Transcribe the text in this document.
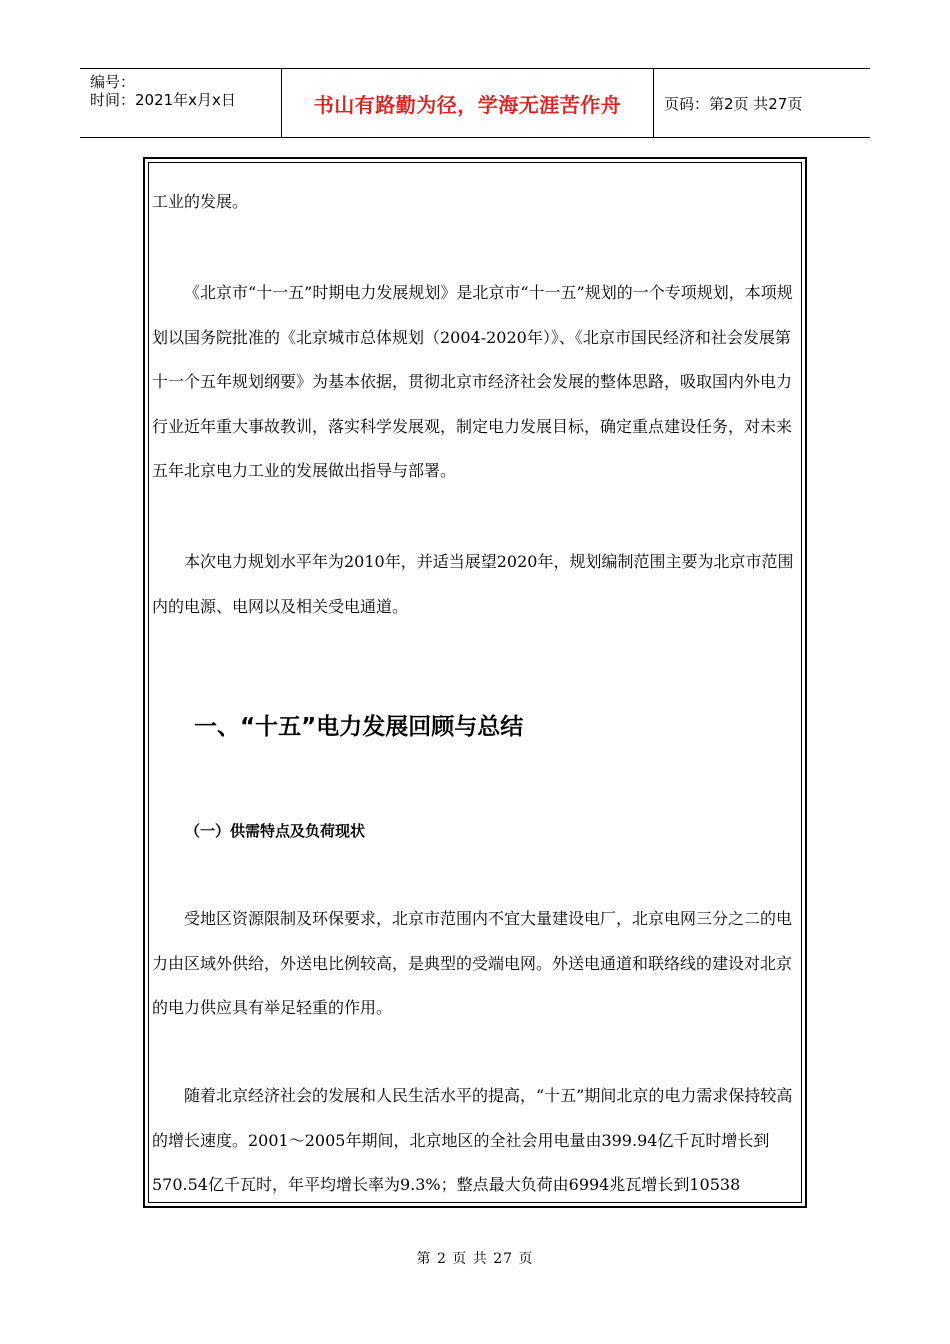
编号：
时间：2021年x月x日	书山有路勤为径，学海无涯苦作舟	页码：第2页 共27页

工业的发展。

《北京市“十一五”时期电力发展规划》是北京市“十一五”规划的一个专项规划，本项规划以国务院批准的《北京城市总体规划（2004-2020年）》、《北京市国民经济和社会发展第十一个五年规划纲要》为基本依据，贯彻北京市经济社会发展的整体思路，吸取国内外电力行业近年重大事故教训，落实科学发展观，制定电力发展目标，确定重点建设任务，对未来五年北京电力工业的发展做出指导与部署。

本次电力规划水平年为2010年，并适当展望2020年，规划编制范围主要为北京市范围内的电源、电网以及相关受电通道。

一、“十五”电力发展回顾与总结
（一）供需特点及负荷现状

受地区资源限制及环保要求，北京市范围内不宜大量建设电厂，北京电网三分之二的电力由区域外供给，外送电比例较高，是典型的受端电网。外送电通道和联络线的建设对北京的电力供应具有举足轻重的作用。

随着北京经济社会的发展和人民生活水平的提高，“十五”期间北京的电力需求保持较高的增长速度。2001～2005年期间，北京地区的全社会用电量由399.94亿千瓦时增长到570.54亿千瓦时，年平均增长率为9.3%；整点最大负荷由6994兆瓦增长到10538

第 2 页 共 27 页
